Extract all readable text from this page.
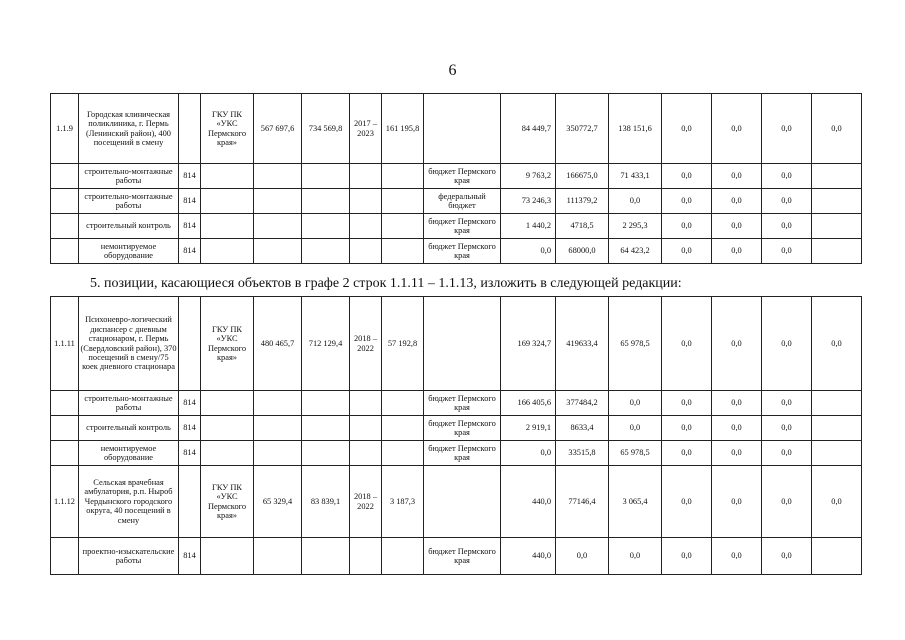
6
1.1.9	Городская клиническая поликлиника, г. Пермь (Ленинский район), 400 посещений в смену		ГКУ ПК «УКС Пермского края»	567 697,6	734 569,8	2017 – 2023	161 195,8		84 449,7	350772,7	138 151,6	0,0	0,0	0,0	0,0
	строительно-монтажные работы	814						бюджет Пермского края	9 763,2	166675,0	71 433,1	0,0	0,0	0,0	
	строительно-монтажные работы	814						федеральный бюджет	73 246,3	111379,2	0,0	0,0	0,0	0,0	
	строительный контроль	814						бюджет Пермского края	1 440,2	4718,5	2 295,3	0,0	0,0	0,0	
	немонтируемое оборудование	814						бюджет Пермского края	0,0	68000,0	64 423,2	0,0	0,0	0,0	
5. позиции, касающиеся объектов в графе 2 строк 1.1.11 – 1.1.13, изложить в следующей редакции:
1.1.11	Психоневро-логический диспансер с дневным стационаром, г. Пермь (Свердловский район), 370 посещений в смену/75 коек дневного стационара		ГКУ ПК «УКС Пермского края»	480 465,7	712 129,4	2018 – 2022	57 192,8		169 324,7	419633,4	65 978,5	0,0	0,0	0,0	0,0
	строительно-монтажные работы	814						бюджет Пермского края	166 405,6	377484,2	0,0	0,0	0,0	0,0	
	строительный контроль	814						бюджет Пермского края	2 919,1	8633,4	0,0	0,0	0,0	0,0	
	немонтируемое оборудование	814						бюджет Пермского края	0,0	33515,8	65 978,5	0,0	0,0	0,0	
1.1.12	Сельская врачебная амбулатория, р.п. Ныроб Чердынского городского округа, 40 посещений в смену		ГКУ ПК «УКС Пермского края»	65 329,4	83 839,1	2018 – 2022	3 187,3		440,0	77146,4	3 065,4	0,0	0,0	0,0	0,0
	проектно-изыскательские работы	814						бюджет Пермского края	440,0	0,0	0,0	0,0	0,0	0,0	
